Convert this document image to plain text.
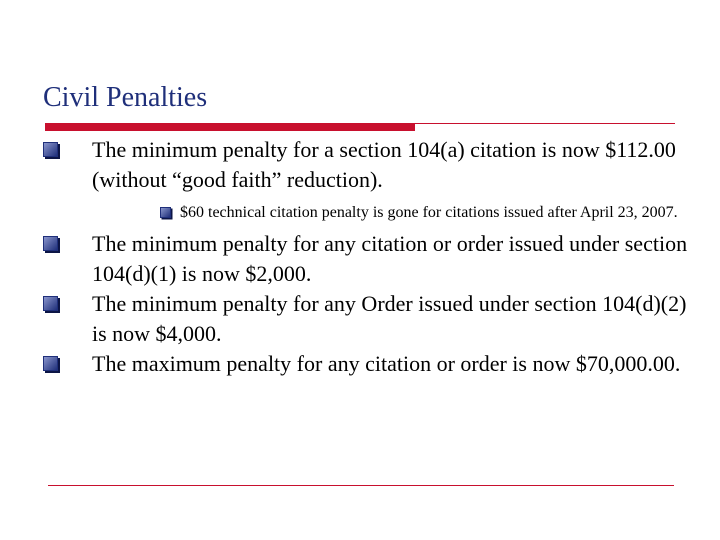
Civil Penalties
The minimum penalty for a section 104(a) citation is now $112.00 (without “good faith” reduction).
$60 technical citation penalty is gone for citations issued after April 23, 2007.
The minimum penalty for any citation or order issued under section 104(d)(1) is now $2,000.
The minimum penalty for any Order issued under section 104(d)(2) is now $4,000.
The maximum penalty for any citation or order is now $70,000.00.
